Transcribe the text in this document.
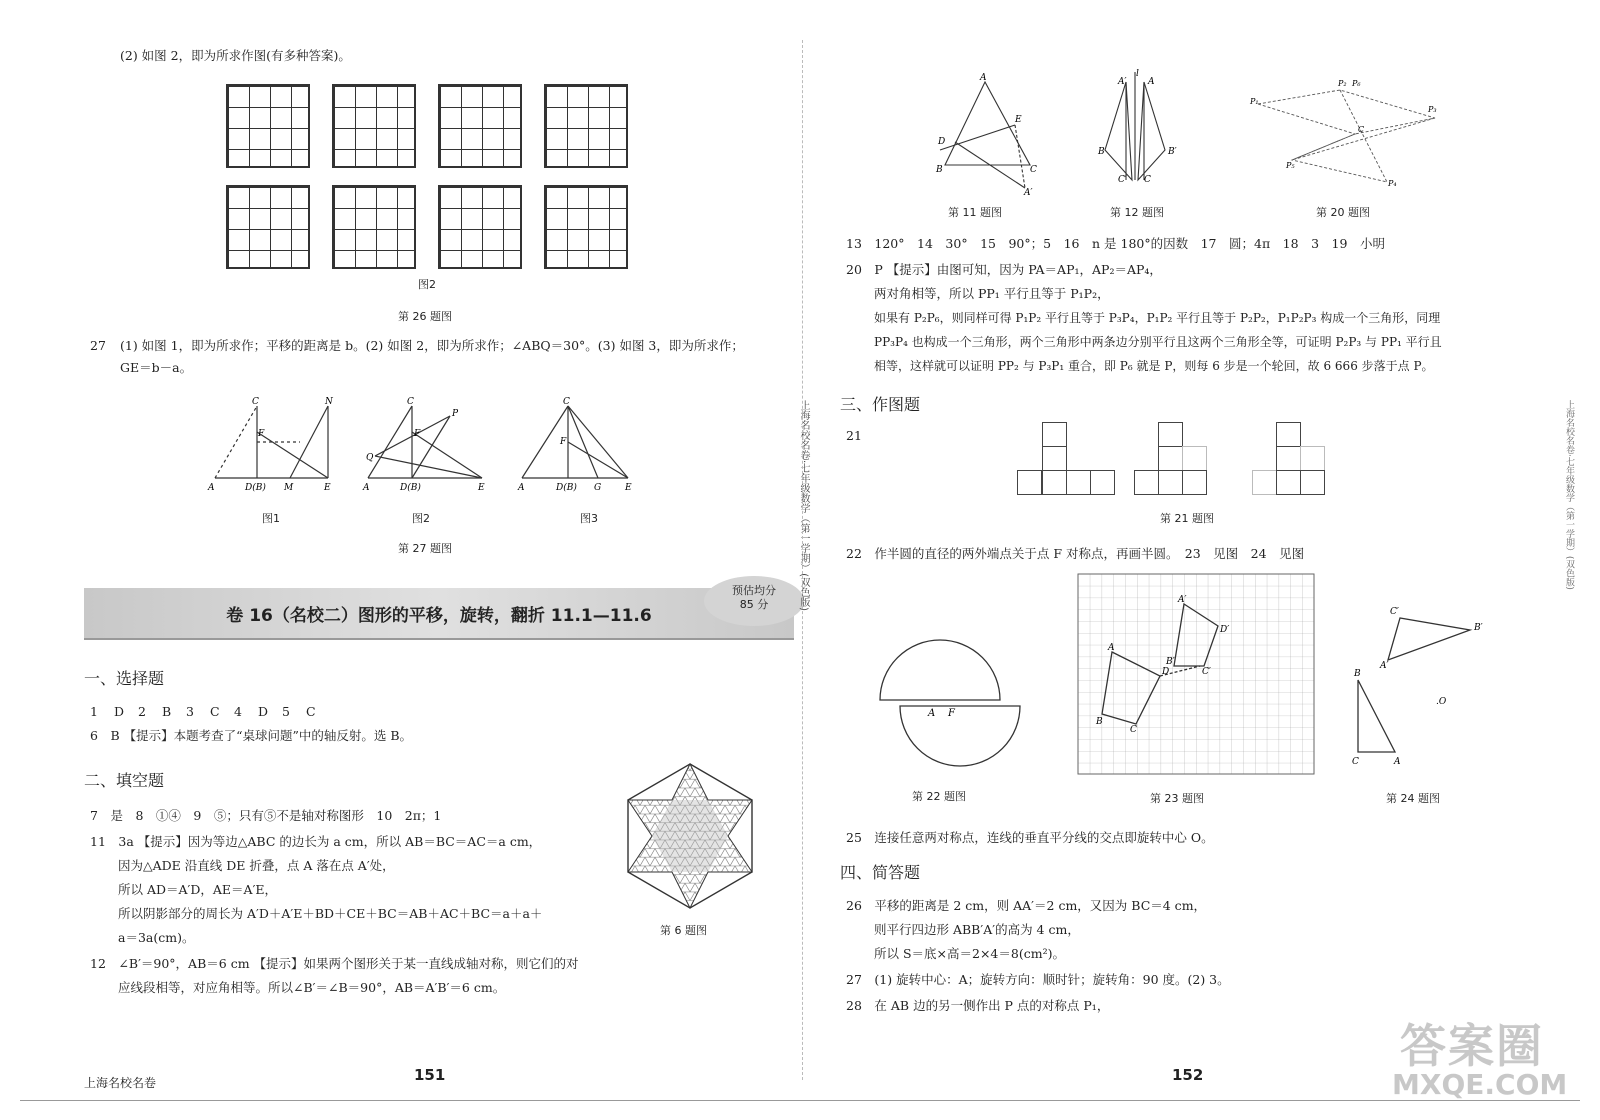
(2) 如图 2，即为所求作图(有多种答案)。
图2
第 26 题图
27 (1) 如图 1，即为所求作；平移的距离是 b。(2) 如图 2，即为所求作；∠ABQ＝30°。(3) 如图 3，即为所求作；
GE＝b－a。
C	N
F
A	D(B) M	E
C
P
F
Q
A	D(B)	E
C
F
A	D(B) G	E
图1	图2	图3
第 27 题图
卷 16（名校二）图形的平移，旋转，翻折 11.1—11.6
预估均分
85 分
一、选择题
1 D 2 B 3 C 4 D 5 C
6　B 【提示】本题考查了“桌球问题”中的轴反射。选 B。
二、填空题
7　是　8　①④　9　⑤；只有⑤不是轴对称图形　10　2π；1
11　3a 【提示】因为等边△ABC 的边长为 a cm，所以 AB＝BC＝AC＝a cm，
因为△ADE 沿直线 DE 折叠，点 A 落在点 A′处，
所以 AD＝A′D，AE＝A′E，
所以阴影部分的周长为 A′D＋A′E＋BD＋CE＋BC＝AB＋AC＋BC＝a＋a＋
a＝3a(cm)。
12　∠B′＝90°，AB＝6 cm 【提示】如果两个图形关于某一直线成轴对称，则它们的对
应线段相等，对应角相等。所以∠B′＝∠B＝90°，AB＝A′B′＝6 cm。
第 6 题图
上海名校名卷	151
上海名校名卷·七年级数学（第一学期）(双色版)
A
D
E
B	C
A′
l
A′ A
B	B′
C′ C
P₁
P₂ P₆
P₃
C
P₅
P₄
第 11 题图	第 12 题图	第 20 题图
13　120°　14　30°　15　90°；5　16　n 是 180°的因数　17　圆；4π　18　3　19　小明
20　P 【提示】由图可知，因为 PA＝AP₁，AP₂＝AP₄，
两对角相等，所以 PP₁ 平行且等于 P₁P₂，
如果有 P₂P₆，则同样可得 P₁P₂ 平行且等于 P₃P₄，P₁P₂ 平行且等于 P₂P₂，P₁P₂P₃ 构成一个三角形，同理
PP₃P₄ 也构成一个三角形，两个三角形中两条边分别平行且这两个三角形全等，可证明 P₂P₃ 与 PP₁ 平行且
相等，这样就可以证明 PP₂ 与 P₃P₁ 重合，即 P₆ 就是 P，则每 6 步是一个轮回，故 6 666 步落于点 P。
三、作图题
21
第 21 题图
22　作半圆的直径的两外端点关于点 F 对称点，再画半圆。　23　见图　24　见图
A F
第 22 题图
A
D
C
B
A′
D′
C′
B′
第 23 题图
C′
B′
A′
B
C	A
.O
第 24 题图
25　连接任意两对称点，连线的垂直平分线的交点即旋转中心 O。
四、简答题
26　平移的距离是 2 cm，则 AA′＝2 cm，又因为 BC＝4 cm，
则平行四边形 ABB′A′的高为 4 cm，
所以 S＝底×高＝2×4＝8(cm²)。
27　(1) 旋转中心：A；旋转方向：顺时针；旋转角：90 度。(2) 3。
28　在 AB 边的另一侧作出 P 点的对称点 P₁，
152
答案圈
MXQE.COM
上海名校名卷·七年级数学（第一学期）(双色版)
